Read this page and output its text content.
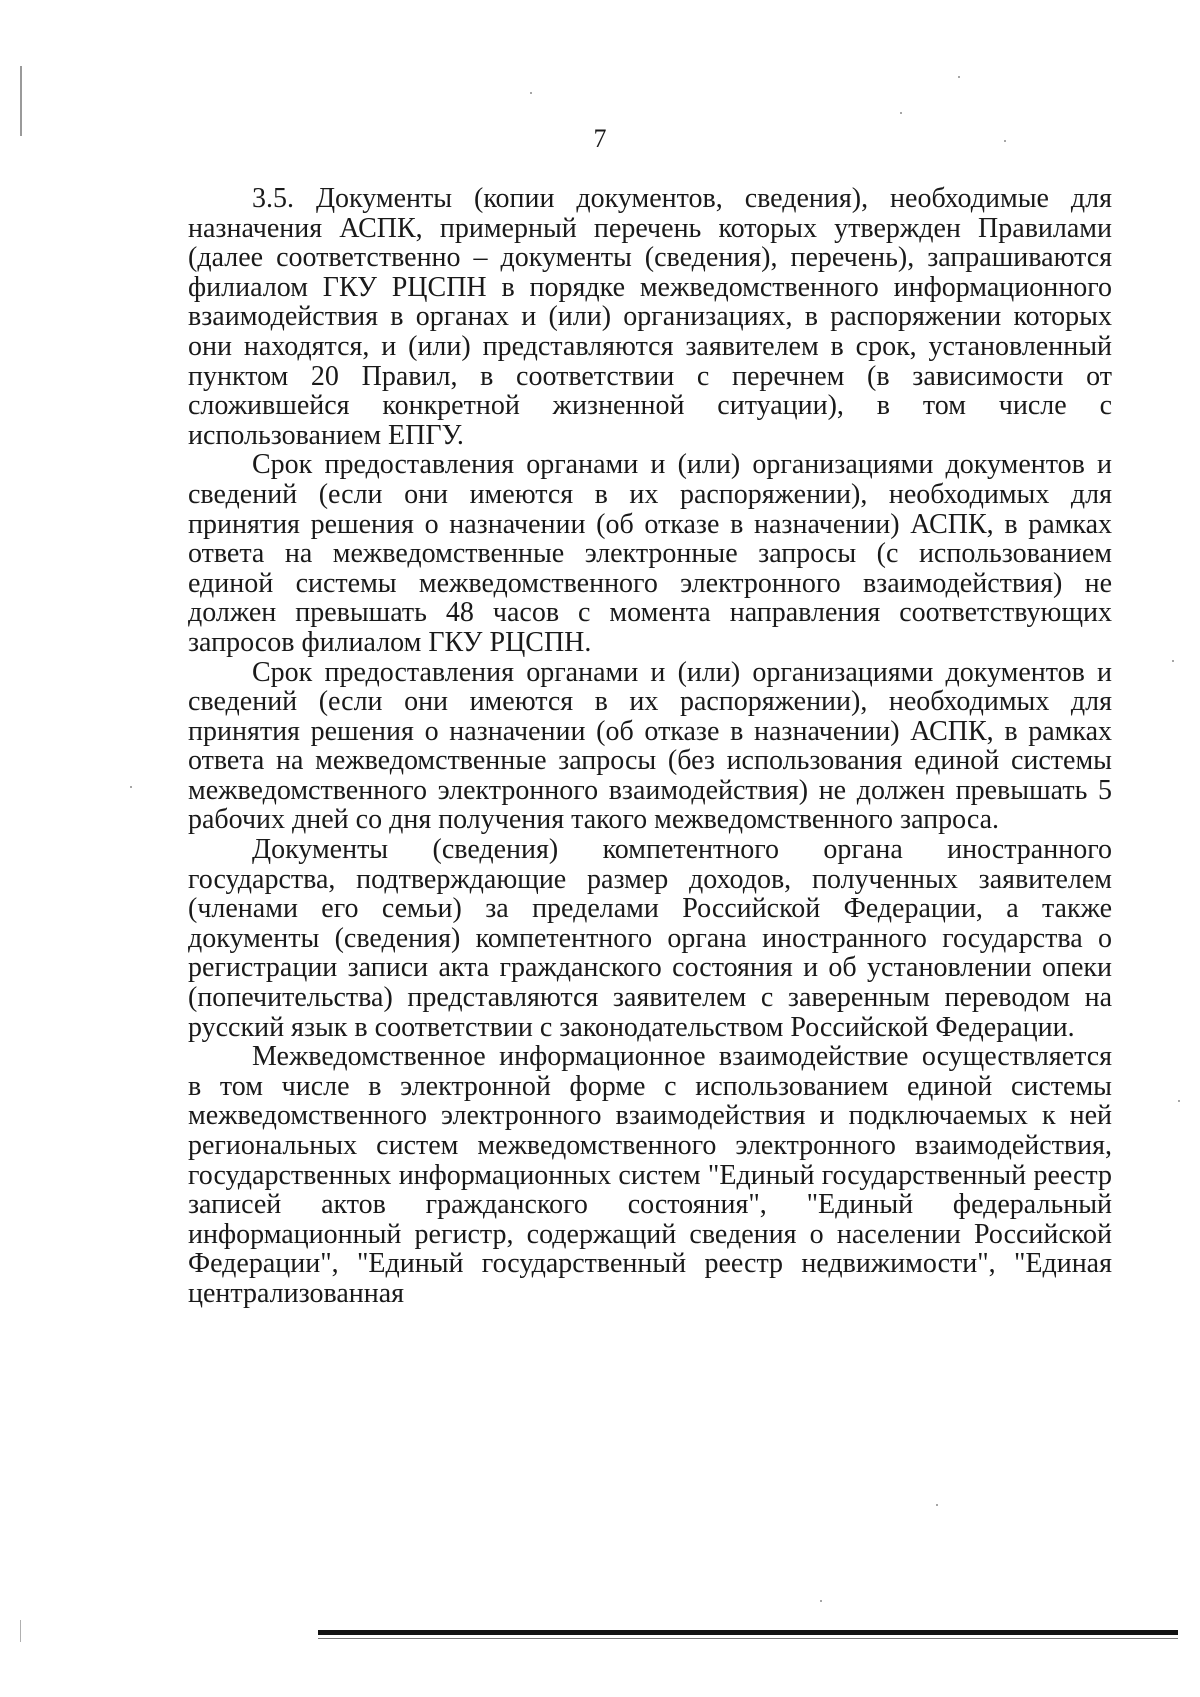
7

3.5. Документы (копии документов, сведения), необходимые для назначения АСПК, примерный перечень которых утвержден Правилами (далее соответственно – документы (сведения), перечень), запрашиваются филиалом ГКУ РЦСПН в порядке межведомственного информационного взаимодействия в органах и (или) организациях, в распоряжении которых они находятся, и (или) представляются заявителем в срок, установленный пунктом 20 Правил, в соответствии с перечнем (в зависимости от сложившейся конкретной жизненной ситуации), в том числе с использованием ЕПГУ.

Срок предоставления органами и (или) организациями документов и сведений (если они имеются в их распоряжении), необходимых для принятия решения о назначении (об отказе в назначении) АСПК, в рамках ответа на межведомственные электронные запросы (с использованием единой системы межведомственного электронного взаимодействия) не должен превышать 48 часов с момента направления соответствующих запросов филиалом ГКУ РЦСПН.

Срок предоставления органами и (или) организациями документов и сведений (если они имеются в их распоряжении), необходимых для принятия решения о назначении (об отказе в назначении) АСПК, в рамках ответа на межведомственные запросы (без использования единой системы межведомственного электронного взаимодействия) не должен превышать 5 рабочих дней со дня получения такого межведомственного запроса.

Документы (сведения) компетентного органа иностранного государства, подтверждающие размер доходов, полученных заявителем (членами его семьи) за пределами Российской Федерации, а также документы (сведения) компетентного органа иностранного государства о регистрации записи акта гражданского состояния и об установлении опеки (попечительства) представляются заявителем с заверенным переводом на русский язык в соответствии с законодательством Российской Федерации.

Межведомственное информационное взаимодействие осуществляется в том числе в электронной форме с использованием единой системы межведомственного электронного взаимодействия и подключаемых к ней региональных систем межведомственного электронного взаимодействия, государственных информационных систем "Единый государственный реестр записей актов гражданского состояния", "Единый федеральный информационный регистр, содержащий сведения о населении Российской Федерации", "Единый государственный реестр недвижимости", "Единая централизованная
